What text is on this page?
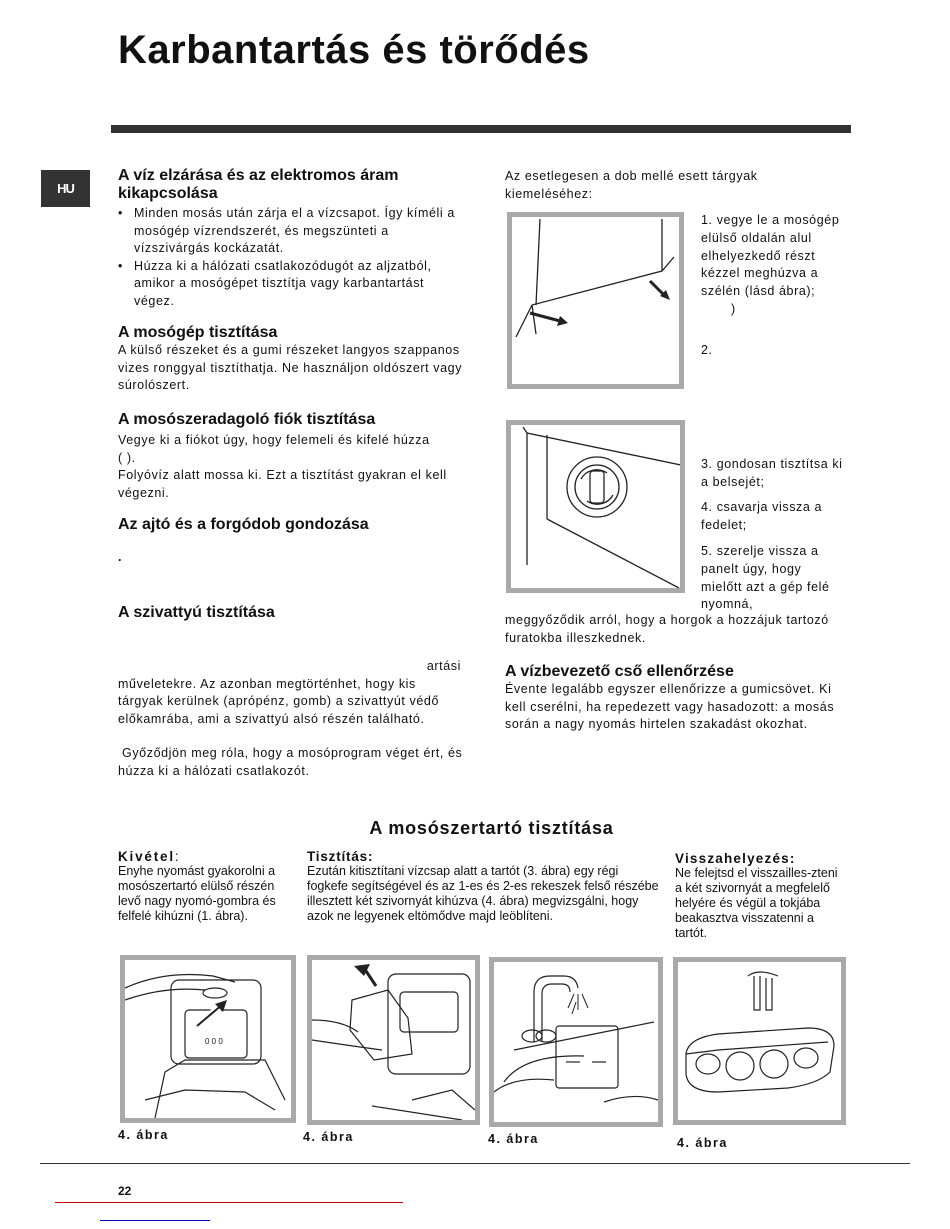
Karbantartás és törődés
HU

A víz elzárása és az elektromos áram kikapcsolása

• Minden mosás után zárja el a vízcsapot. Így kíméli a mosógép vízrendszerét, és megszünteti a vízszivárgás kockázatát.
• Húzza ki a hálózati csatlakozódugót az aljzatból, amikor a mosógépet tisztítja vagy karbantartást végez.

A mosógép tisztítása

A külső részeket és a gumi részeket langyos szappanos vizes ronggyal tisztíthatja. Ne használjon oldószert vagy súrolószert.

A mosószeradagoló fiók tisztítása

Vegye ki a fiókot úgy, hogy felemeli és kifelé húzza

( ).

Folyóvíz alatt mossa ki. Ezt a tisztítást gyakran el kell végezni.

Az ajtó és a forgódob gondozása

.

A szivattyú tisztítása

artási

műveletekre. Az azonban megtörténhet, hogy kis tárgyak kerülnek (aprópénz, gomb) a szivattyút védő előkamrába, ami a szivattyú alsó részén található.

Győződjön meg róla, hogy a mosóprogram véget ért, és húzza ki a hálózati csatlakozót.

Az esetlegesen a dob mellé esett tárgyak kiemeléséhez:

1. vegye le a mosógép elülső oldalán alul elhelyezkedő részt kézzel meghúzva a szélén (lásd ábra);
)
2.
3. gondosan tisztítsa ki a belsejét;
4. csavarja vissza a fedelet;
5. szerelje vissza a panelt úgy, hogy mielőtt azt a gép felé nyomná,

meggyőződik arról, hogy a horgok a hozzájuk tartozó furatokba illeszkednek.

A vízbevezető cső ellenőrzése

Évente legalább egyszer ellenőrizze a gumicsövet. Ki kell cserélni, ha repedezett vagy hasadozott: a mosás során a nagy nyomás hirtelen szakadást okozhat.

A mosószertartó tisztítása
Kivétel:
Enyhe nyomást gyakorolni a mosószertartó elülső részén levő nagy nyomó-gombra és felfelé kihúzni (1. ábra).
Tisztítás:
Ezután kitisztítani vízcsap alatt a tartót (3. ábra) egy régi fogkefe segítségével és az 1-es és 2-es rekeszek felső részébe illesztett két szivornyát kihúzva (4. ábra) megvizsgálni, hogy azok ne legyenek eltömődve majd leöblíteni.
Visszahelyezés:
Ne felejtsd el visszailles-zteni a két szivornyát a megfelelő helyére és végül a tokjába beakasztva visszatenni a tartót.
0 0 0
4. ábra	4. ábra	4. ábra	4. ábra
22
